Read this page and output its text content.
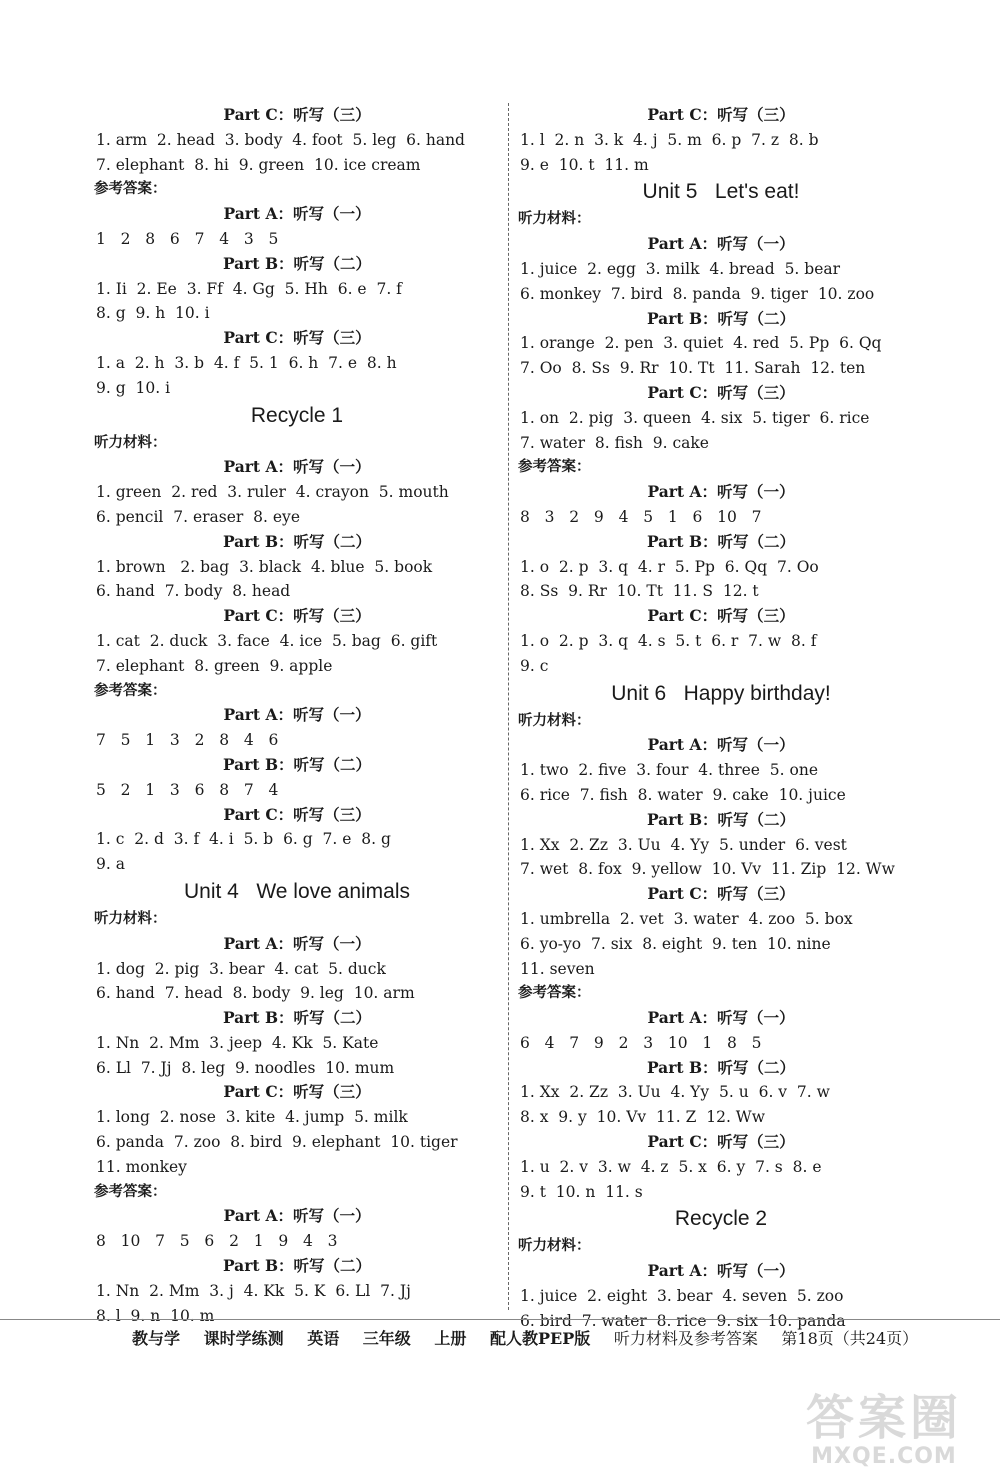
Part C：听写（三）
1. arm  2. head  3. body  4. foot  5. leg  6. hand
7. elephant  8. hi  9. green  10. ice cream
参考答案：
Part A：听写（一）
1   2   8   6   7   4   3   5
Part B：听写（二）
1. Ii  2. Ee  3. Ff  4. Gg  5. Hh  6. e  7. f
8. g  9. h  10. i
Part C：听写（三）
1. a  2. h  3. b  4. f  5. 1  6. h  7. e  8. h
9. g  10. i
Recycle 1
听力材料：
Part A：听写（一）
1. green  2. red  3. ruler  4. crayon  5. mouth
6. pencil  7. eraser  8. eye
Part B：听写（二）
1. brown   2. bag  3. black  4. blue  5. book
6. hand  7. body  8. head
Part C：听写（三）
1. cat  2. duck  3. face  4. ice  5. bag  6. gift
7. elephant  8. green  9. apple
参考答案：
Part A：听写（一）
7   5   1   3   2   8   4   6
Part B：听写（二）
5   2   1   3   6   8   7   4
Part C：听写（三）
1. c  2. d  3. f  4. i  5. b  6. g  7. e  8. g
9. a
Unit 4   We love animals
听力材料：
Part A：听写（一）
1. dog  2. pig  3. bear  4. cat  5. duck
6. hand  7. head  8. body  9. leg  10. arm
Part B：听写（二）
1. Nn  2. Mm  3. jeep  4. Kk  5. Kate
6. Ll  7. Jj  8. leg  9. noodles  10. mum
Part C：听写（三）
1. long  2. nose  3. kite  4. jump  5. milk
6. panda  7. zoo  8. bird  9. elephant  10. tiger
11. monkey
参考答案：
Part A：听写（一）
8   10   7   5   6   2   1   9   4   3
Part B：听写（二）
1. Nn  2. Mm  3. j  4. Kk  5. K  6. Ll  7. Jj
8. l  9. n  10. m
Part C：听写（三）
1. l  2. n  3. k  4. j  5. m  6. p  7. z  8. b
9. e  10. t  11. m
Unit 5   Let's eat!
听力材料：
Part A：听写（一）
1. juice  2. egg  3. milk  4. bread  5. bear
6. monkey  7. bird  8. panda  9. tiger  10. zoo
Part B：听写（二）
1. orange  2. pen  3. quiet  4. red  5. Pp  6. Qq
7. Oo  8. Ss  9. Rr  10. Tt  11. Sarah  12. ten
Part C：听写（三）
1. on  2. pig  3. queen  4. six  5. tiger  6. rice
7. water  8. fish  9. cake
参考答案：
Part A：听写（一）
8   3   2   9   4   5   1   6   10   7
Part B：听写（二）
1. o  2. p  3. q  4. r  5. Pp  6. Qq  7. Oo
8. Ss  9. Rr  10. Tt  11. S  12. t
Part C：听写（三）
1. o  2. p  3. q  4. s  5. t  6. r  7. w  8. f
9. c
Unit 6   Happy birthday!
听力材料：
Part A：听写（一）
1. two  2. five  3. four  4. three  5. one
6. rice  7. fish  8. water  9. cake  10. juice
Part B：听写（二）
1. Xx  2. Zz  3. Uu  4. Yy  5. under  6. vest
7. wet  8. fox  9. yellow  10. Vv  11. Zip  12. Ww
Part C：听写（三）
1. umbrella  2. vet  3. water  4. zoo  5. box
6. yo-yo  7. six  8. eight  9. ten  10. nine
11. seven
参考答案：
Part A：听写（一）
6   4   7   9   2   3   10   1   8   5
Part B：听写（二）
1. Xx  2. Zz  3. Uu  4. Yy  5. u  6. v  7. w
8. x  9. y  10. Vv  11. Z  12. Ww
Part C：听写（三）
1. u  2. v  3. w  4. z  5. x  6. y  7. s  8. e
9. t  10. n  11. s
Recycle 2
听力材料：
Part A：听写（一）
1. juice  2. eight  3. bear  4. seven  5. zoo
6. bird  7. water  8. rice  9. six  10. panda
教与学 课时学练测 英语 三年级 上册 配人教PEP版 听力材料及参考答案 第18页（共24页）
答案圈
MXQE.COM
